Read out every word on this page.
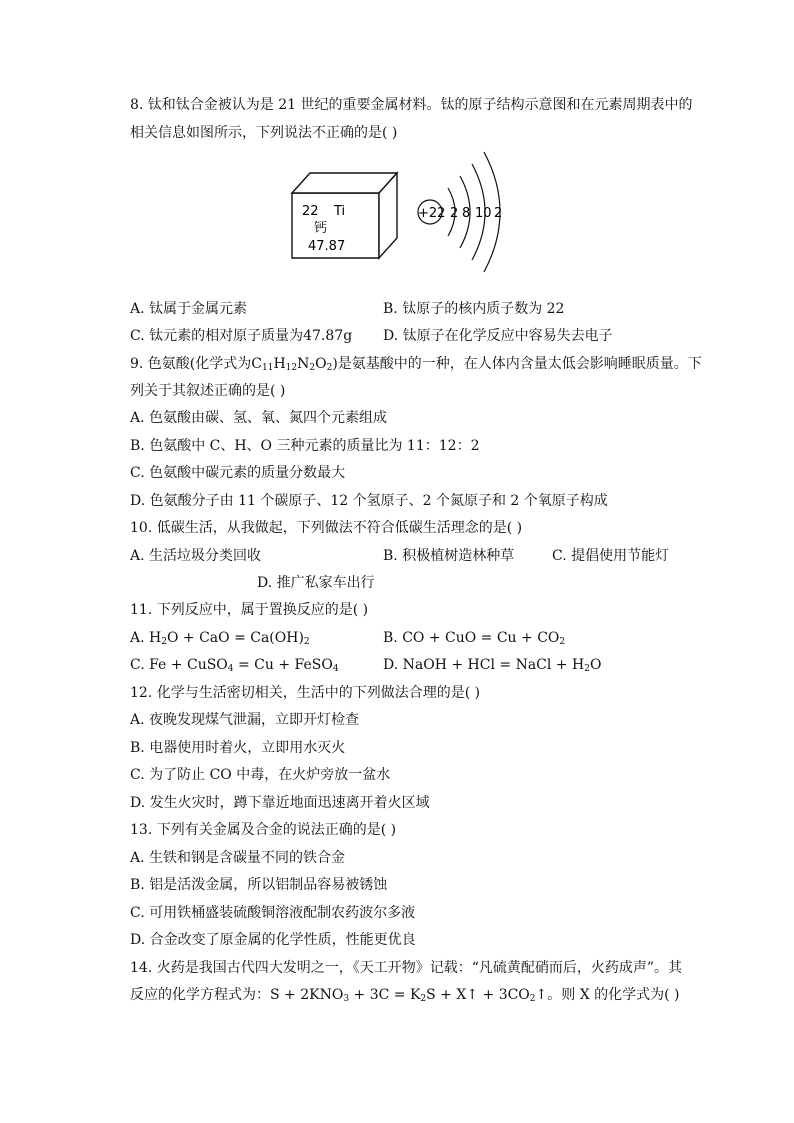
8. 钛和钛合金被认为是 21 世纪的重要金属材料。钛的原子结构示意图和在元素周期表中的
相关信息如图所示，下列说法不正确的是( )
22 Ti
钙
47.87
+22 2 8 10 2
A. 钛属于金属元素	B. 钛原子的核内质子数为 22
C. 钛元素的相对原子质量为47.87g D. 钛原子在化学反应中容易失去电子
9. 色氨酸(化学式为$C_{11}H_{12}N_2O_2$)是氨基酸中的一种，在人体内含量太低会影响睡眠质量。下
列关于其叙述正确的是( )
A. 色氨酸由碳、氢、氧、氮四个元素组成
B. 色氨酸中 C、H、O 三种元素的质量比为 11：12：2
C. 色氨酸中碳元素的质量分数最大
D. 色氨酸分子由 11 个碳原子、12 个氢原子、2 个氮原子和 2 个氧原子构成
10. 低碳生活，从我做起，下列做法不符合低碳生活理念的是( )
A. 生活垃圾分类回收	B. 积极植树造林种草	C. 提倡使用节能灯
D. 推广私家车出行
11. 下列反应中，属于置换反应的是( )
A. $H_2O$ + CaO = $Ca(OH)_2$	B. CO + CuO = $Cu + CO_2$
C. Fe + CuSO$_4$ = Cu + FeSO$_4$	D. NaOH + HCl = NaCl + $H_2O$
12. 化学与生活密切相关，生活中的下列做法合理的是( )
A. 夜晚发现煤气泄漏，立即开灯检查
B. 电器使用时着火，立即用水灭火
C. 为了防止 CO 中毒，在火炉旁放一盆水
D. 发生火灾时，蹲下靠近地面迅速离开着火区域
13. 下列有关金属及合金的说法正确的是( )
A. 生铁和钢是含碳量不同的铁合金
B. 铝是活泼金属，所以铝制品容易被锈蚀
C. 可用铁桶盛装硫酸铜溶液配制农药波尔多液
D. 合金改变了原金属的化学性质，性能更优良
14. 火药是我国古代四大发明之一，《天工开物》记载：“凡硫黄配硝而后，火药成声”。其
反应的化学方程式为：$S + 2KNO_3 + 3C = K_2S$ + X↑ + $3CO_2↑$。则 X 的化学式为( )
